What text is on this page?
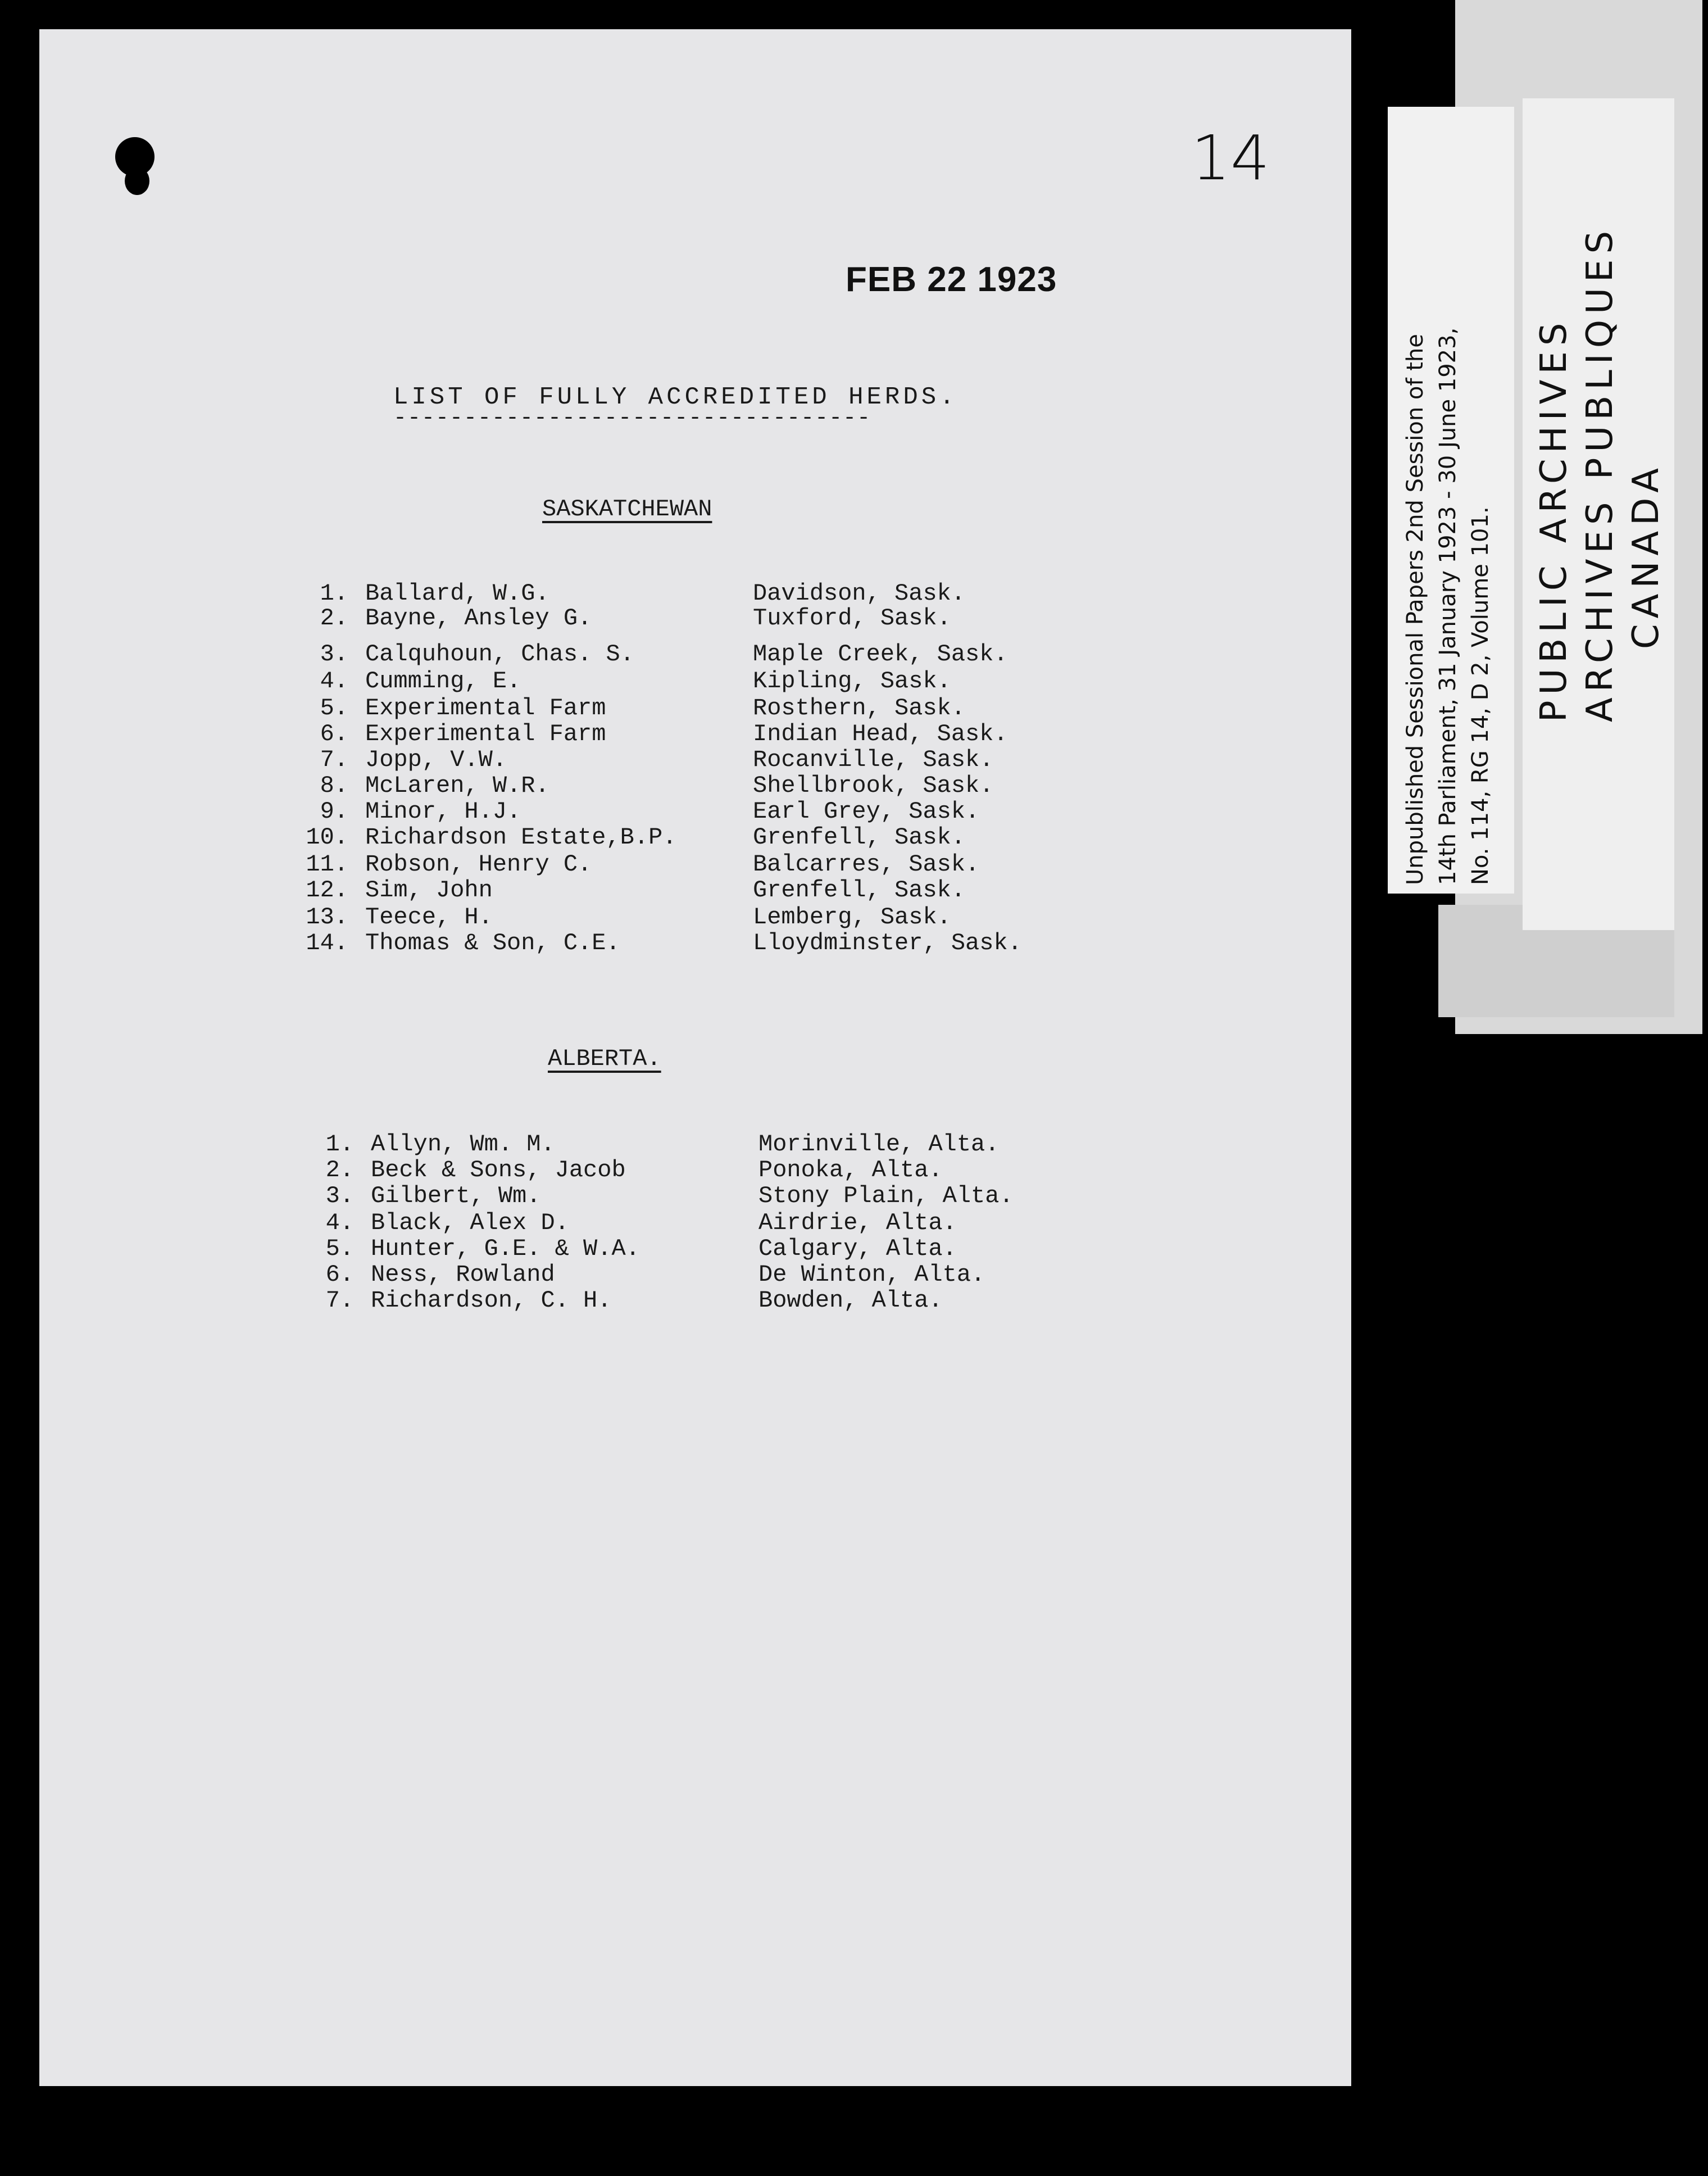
Unpublished Sessional Papers 2nd Session of the 14th Parliament, 31 January 1923 - 30 June 1923, No. 114, RG 14, D 2, Volume 101. PUBLIC ARCHIVES ARCHIVES PUBLIQUES CANADA
14
FEB 22 1923
LIST OF FULLY ACCREDITED HERDS.
----------------------------------
SASKATCHEWAN
1. Ballard, W.G.	Davidson, Sask.
2. Bayne, Ansley G.	Tuxford, Sask.
3. Calquhoun, Chas. S.	Maple Creek, Sask.
4. Cumming, E.	Kipling, Sask.
5. Experimental Farm	Rosthern, Sask.
6. Experimental Farm	Indian Head, Sask.
7. Jopp, V.W.	Rocanville, Sask.
8. McLaren, W.R.	Shellbrook, Sask.
9. Minor, H.J.	Earl Grey, Sask.
10. Richardson Estate,B.P.	Grenfell, Sask.
11. Robson, Henry C.	Balcarres, Sask.
12. Sim, John	Grenfell, Sask.
13. Teece, H.	Lemberg, Sask.
14. Thomas & Son, C.E.	Lloydminster, Sask.
ALBERTA.
1. Allyn, Wm. M.	Morinville, Alta.
2. Beck & Sons, Jacob	Ponoka, Alta.
3. Gilbert, Wm.	Stony Plain, Alta.
4. Black, Alex D.	Airdrie, Alta.
5. Hunter, G.E. & W.A.	Calgary, Alta.
6. Ness, Rowland	De Winton, Alta.
7. Richardson, C. H.	Bowden, Alta.
